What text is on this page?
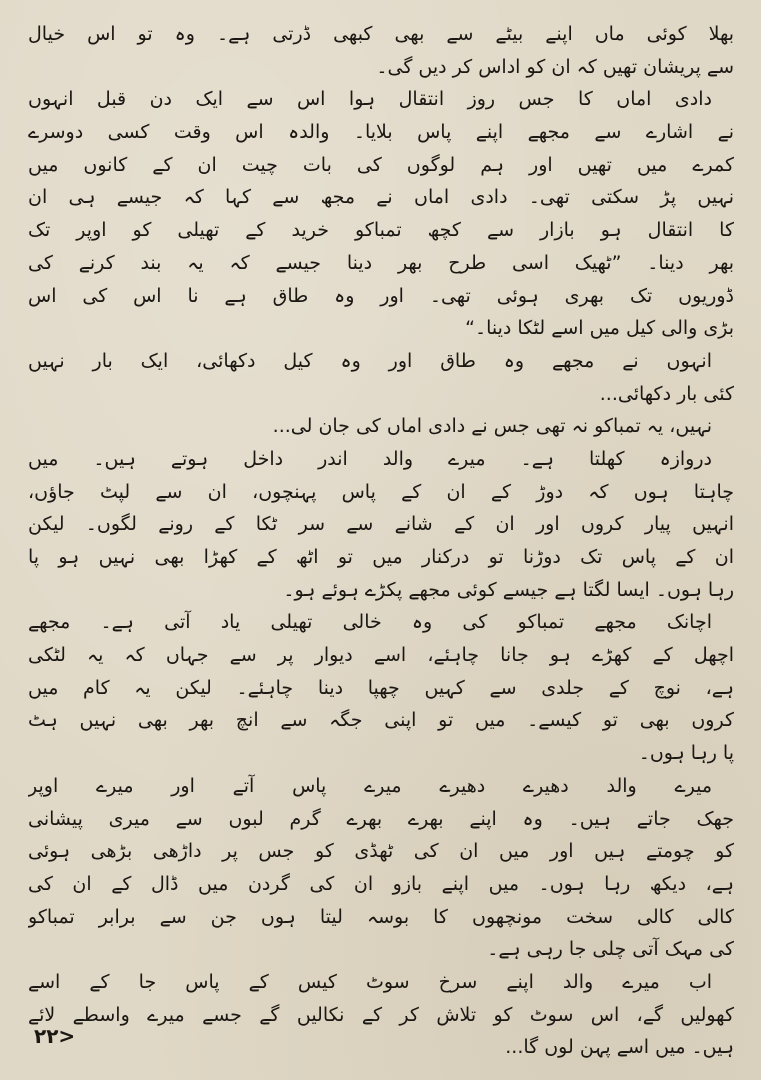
بھلا کوئی ماں اپنے بیٹے سے بھی کبھی ڈرتی ہے۔ وہ تو اس خیال
سے پریشان تھیں کہ ان کو اداس کر دیں گی۔
دادی اماں کا جس روز انتقال ہوا اس سے ایک دن قبل انہوں
نے اشارے سے مجھے اپنے پاس بلایا۔ والدہ اس وقت کسی دوسرے
کمرے میں تھیں اور ہم لوگوں کی بات چیت ان کے کانوں میں
نہیں پڑ سکتی تھی۔ دادی اماں نے مجھ سے کہا کہ جیسے ہی ان
کا انتقال ہو بازار سے کچھ تمباکو خرید کے تھیلی کو اوپر تک
بھر دینا۔ ”ٹھیک اسی طرح بھر دینا جیسے کہ یہ بند کرنے کی
ڈوریوں تک بھری ہوئی تھی۔ اور وہ طاق ہے نا اس کی اس
بڑی والی کیل میں اسے لٹکا دینا۔“
انہوں نے مجھے وہ طاق اور وہ کیل دکھائی، ایک بار نہیں
کئی بار دکھائی...
نہیں، یہ تمباکو نہ تھی جس نے دادی اماں کی جان لی...
دروازہ کھلتا ہے۔ میرے والد اندر داخل ہوتے ہیں۔ میں
چاہتا ہوں کہ دوڑ کے ان کے پاس پہنچوں، ان سے لپٹ جاؤں،
انہیں پیار کروں اور ان کے شانے سے سر ٹکا کے رونے لگوں۔ لیکن
ان کے پاس تک دوڑنا تو درکنار میں تو اٹھ کے کھڑا بھی نہیں ہو پا
رہا ہوں۔ ایسا لگتا ہے جیسے کوئی مجھے پکڑے ہوئے ہو۔
اچانک مجھے تمباکو کی وہ خالی تھیلی یاد آتی ہے۔ مجھے
اچھل کے کھڑے ہو جانا چاہئے، اسے دیوار پر سے جہاں کہ یہ لٹکی
ہے، نوچ کے جلدی سے کہیں چھپا دینا چاہئے۔ لیکن یہ کام میں
کروں بھی تو کیسے۔ میں تو اپنی جگہ سے انچ بھر بھی نہیں ہٹ
پا رہا ہوں۔
میرے والد دھیرے دھیرے میرے پاس آتے اور میرے اوپر
جھک جاتے ہیں۔ وہ اپنے بھرے بھرے گرم لبوں سے میری پیشانی
کو چومتے ہیں اور میں ان کی ٹھڈی کو جس پر داڑھی بڑھی ہوئی
ہے، دیکھ رہا ہوں۔ میں اپنے بازو ان کی گردن میں ڈال کے ان کی
کالی کالی سخت مونچھوں کا بوسہ لیتا ہوں جن سے برابر تمباکو
کی مہک آتی چلی جا رہی ہے۔
اب میرے والد اپنے سرخ سوٹ کیس کے پاس جا کے اسے
کھولیں گے، اس سوٹ کو تلاش کر کے نکالیں گے جسے میرے واسطے لائے
ہیں۔ میں اسے پہن لوں گا...
۲۲>
